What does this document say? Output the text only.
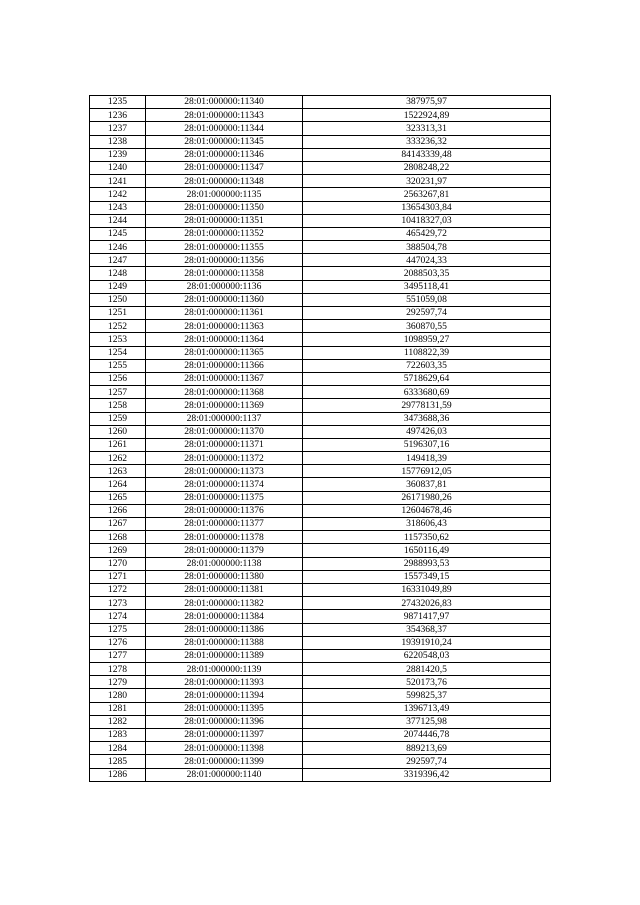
1235	28:01:000000:11340	387975,97
1236	28:01:000000:11343	1522924,89
1237	28:01:000000:11344	323313,31
1238	28:01:000000:11345	333236,32
1239	28:01:000000:11346	84143339,48
1240	28:01:000000:11347	2808248,22
1241	28:01:000000:11348	320231,97
1242	28:01:000000:1135	2563267,81
1243	28:01:000000:11350	13654303,84
1244	28:01:000000:11351	10418327,03
1245	28:01:000000:11352	465429,72
1246	28:01:000000:11355	388504,78
1247	28:01:000000:11356	447024,33
1248	28:01:000000:11358	2088503,35
1249	28:01:000000:1136	3495118,41
1250	28:01:000000:11360	551059,08
1251	28:01:000000:11361	292597,74
1252	28:01:000000:11363	360870,55
1253	28:01:000000:11364	1098959,27
1254	28:01:000000:11365	1108822,39
1255	28:01:000000:11366	722603,35
1256	28:01:000000:11367	5718629,64
1257	28:01:000000:11368	6333680,69
1258	28:01:000000:11369	29778131,59
1259	28:01:000000:1137	3473688,36
1260	28:01:000000:11370	497426,03
1261	28:01:000000:11371	5196307,16
1262	28:01:000000:11372	149418,39
1263	28:01:000000:11373	15776912,05
1264	28:01:000000:11374	360837,81
1265	28:01:000000:11375	26171980,26
1266	28:01:000000:11376	12604678,46
1267	28:01:000000:11377	318606,43
1268	28:01:000000:11378	1157350,62
1269	28:01:000000:11379	1650116,49
1270	28:01:000000:1138	2988993,53
1271	28:01:000000:11380	1557349,15
1272	28:01:000000:11381	16331049,89
1273	28:01:000000:11382	27432026,83
1274	28:01:000000:11384	9871417,97
1275	28:01:000000:11386	354368,37
1276	28:01:000000:11388	19391910,24
1277	28:01:000000:11389	6220548,03
1278	28:01:000000:1139	2881420,5
1279	28:01:000000:11393	520173,76
1280	28:01:000000:11394	599825,37
1281	28:01:000000:11395	1396713,49
1282	28:01:000000:11396	377125,98
1283	28:01:000000:11397	2074446,78
1284	28:01:000000:11398	889213,69
1285	28:01:000000:11399	292597,74
1286	28:01:000000:1140	3319396,42
